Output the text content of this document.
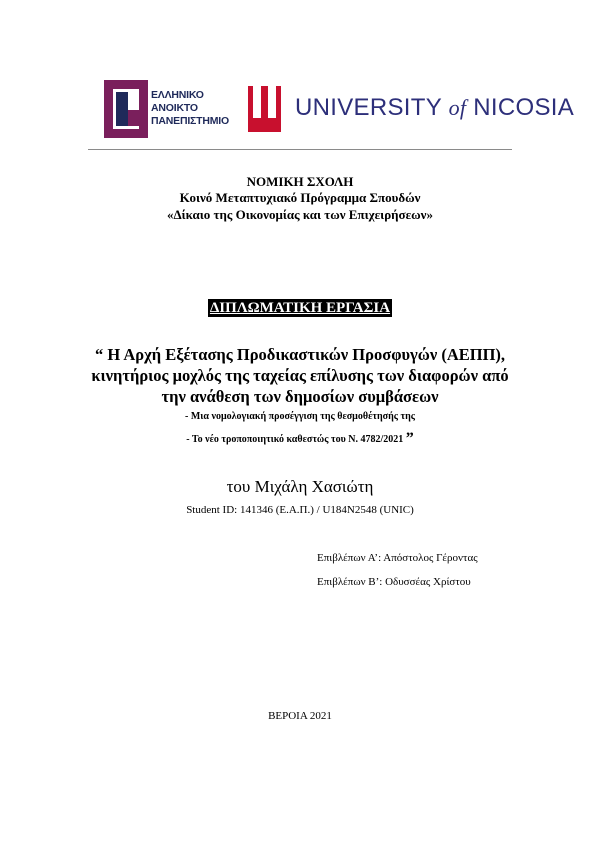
ΕΛΛΗΝΙΚΟ
ΑΝΟΙΚΤΟ
ΠΑΝΕΠΙΣΤΗΜΙΟ	UNIVERSITY of NICOSIA
ΝΟΜΙΚΗ ΣΧΟΛΗ
Κοινό Μεταπτυχιακό Πρόγραμμα Σπουδών
«Δίκαιο της Οικονομίας και των Επιχειρήσεων»
ΔΙΠΛΩΜΑΤΙΚΗ ΕΡΓΑΣΙΑ
“ Η Αρχή Εξέτασης Προδικαστικών Προσφυγών (ΑΕΠΠ),
κινητήριος μοχλός της ταχείας επίλυσης των διαφορών από
την ανάθεση των δημοσίων συμβάσεων
- Μια νομολογιακή προσέγγιση της θεσμοθέτησής της
- Το νέο τροποποιητικό καθεστώς του Ν. 4782/2021 ”
του Μιχάλη Χασιώτη
Student ID: 141346 (Ε.Α.Π.) / U184N2548 (UNIC)
Επιβλέπων Α’: Απόστολος Γέροντας
Επιβλέπων Β’: Οδυσσέας Χρίστου
ΒΕΡΟΙΑ 2021
